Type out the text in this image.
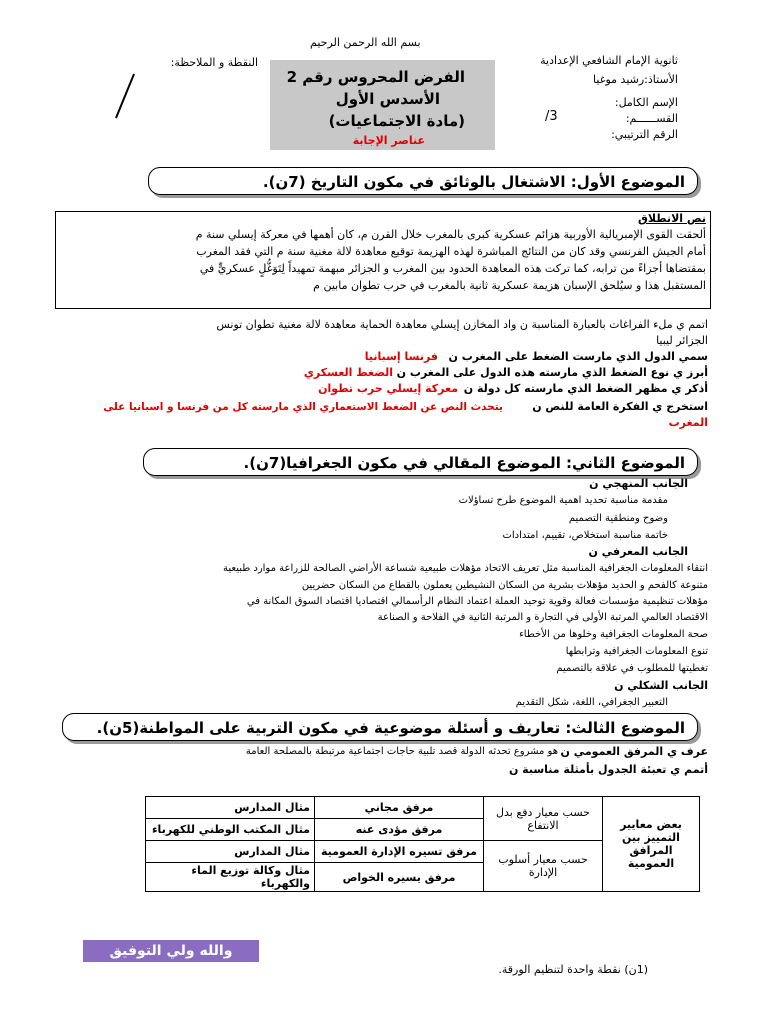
بسم الله الرحمن الرحيم
ثانوية الإمام الشافعي الإعدادية
الأستاذ:رشيد موغيا
الإسم الكامل:
القســــــم:
3/
الرقم الترتيبي:
الفرض المحروس رقم 2
الأسدس الأول
(مادة الاجتماعيات)
عناصر الإجابة
النقطة و الملاحظة:
الموضوع الأول: الاشتغال بالوثائق في مكون التاريخ (7ن).
نص الانطلاق
ألحقت القوى الإمبريالية الأوربية هزائم عسكرية كبرى بالمغرب خلال القرن م، كان أهمها في معركة إيسلي سنة م
أمام الجيش الفرنسي وقد كان من النتائج المباشرة لهذه الهزيمة توقيع معاهدة لالة مغنية سنة م التي فقد المغرب
بمقتضاها أجزاءً من ترابه، كما تركت هذه المعاهدة الحدود بين المغرب و الجزائر مبهمة تمهيداً لِتَوَغُّلٍ عسكريٍّ في
المستقبل هذا و سيُلحق الإسبان هزيمة عسكرية ثانية بالمغرب في حرب تطوان مابين م
اتمم ي ملء الفراغات بالعبارة المناسبة ن واد المخازن إيسلي معاهدة الحماية معاهدة لالة مغنية تطوان تونس
الجزائر ليبيا
سمي الدول الذي مارست الضغط على المغرب ن
فرنسا إسبانيا
أبرز ي نوع الضغط الذي مارسته هذه الدول على المغرب ن
الضغط العسكري
أذكر ي مظهر الضغط الذي مارسته كل دولة ن
معركة إيسلي حرب تطوان
استخرج ي الفكرة العامة للنص ن
يتحدث النص عن الضغط الاستعماري الذي مارسته كل من فرنسا و اسبانيا على
المغرب
الموضوع الثاني: الموضوع المقالي في مكون الجغرافيا(7ن).
الجانب المنهجي ن
مقدمة مناسبة تحديد اهمية الموضوع طرح تساؤلات
وضوح ومنطقية التصميم
خاتمة مناسبة استخلاص، تقييم، امتدادات
الجانب المعرفي ن
انتقاء المعلومات الجغرافية المناسبة مثل تعريف الاتحاد مؤهلات طبيعية شساعة الأراضي الصالحة للزراعة موارد طبيعية
متنوعة كالفحم و الحديد مؤهلات بشرية من السكان النشيطين يعملون بالقطاع من السكان حضريين
مؤهلات تنظيمية مؤسسات فعالة وقوية توحيد العملة اعتماد النظام الرأسمالي اقتصاديا اقتصاد السوق المكانة في
الاقتصاد العالمي المرتبة الأولى في التجارة و المرتبة الثانية في الفلاحة و الصناعة
صحة المعلومات الجغرافية وخلوها من الأخطاء
تنوع المعلومات الجغرافية وترابطها
تغطيتها للمطلوب في علاقة بالتصميم
الجانب الشكلي ن
التعبير الجغرافي، اللغة، شكل التقديم
الموضوع الثالث: تعاريف و أسئلة موضوعية في مكون التربية على المواطنة(5ن).
عرف ي المرفق العمومي ن
هو مشروع تحدثه الدولة قصد تلبية حاجات اجتماعية مرتبطة بالمصلحة العامة
أتمم ي تعبئة الجدول بأمثلة مناسبة ن
بعض معايير التمييز بين المرافق العمومية	حسب معيار دفع بدل الانتفاع	مرفق مجاني	مثال المدارس
		مرفق مؤدى عنه	مثال المكتب الوطني للكهرباء
	حسب معيار أسلوب الإدارة	مرفق تسيره الإدارة العمومية	مثال المدارس
		مرفق يسيره الخواص	مثال وكالة توزيع الماء والكهرباء
والله ولي التوفيق
(1ن) نقطة واحدة لتنظيم الورقة.
